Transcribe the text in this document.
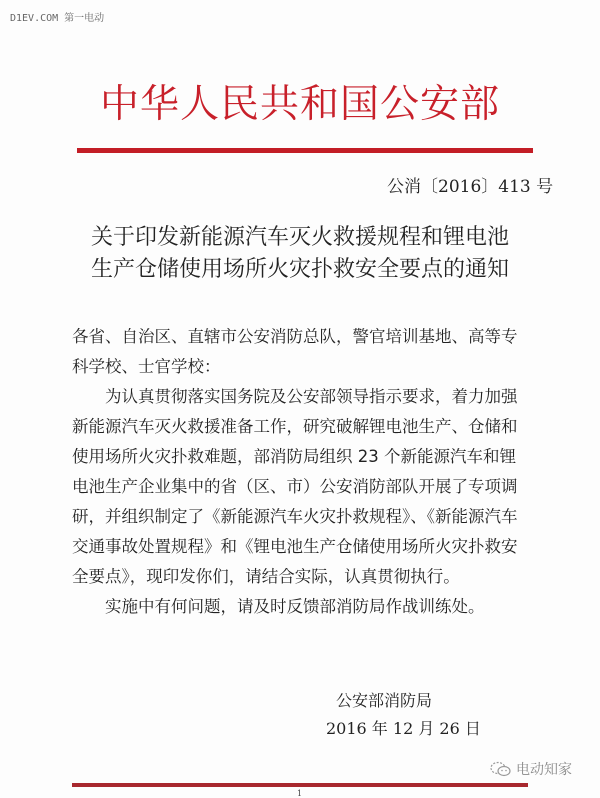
D1EV.COM 第一电动
中华人民共和国公安部
公消〔2016〕413 号
关于印发新能源汽车灭火救援规程和锂电池
生产仓储使用场所火灾扑救安全要点的通知

各省、自治区、直辖市公安消防总队，警官培训基地、高等专科学校、士官学校：

为认真贯彻落实国务院及公安部领导指示要求，着力加强新能源汽车灭火救援准备工作，研究破解锂电池生产、仓储和使用场所火灾扑救难题，部消防局组织 23 个新能源汽车和锂电池生产企业集中的省（区、市）公安消防部队开展了专项调研，并组织制定了《新能源汽车火灾扑救规程》、《新能源汽车交通事故处置规程》和《锂电池生产仓储使用场所火灾扑救安全要点》，现印发你们，请结合实际，认真贯彻执行。

实施中有何问题，请及时反馈部消防局作战训练处。

公安部消防局
2016 年 12 月 26 日
电动知家
1
